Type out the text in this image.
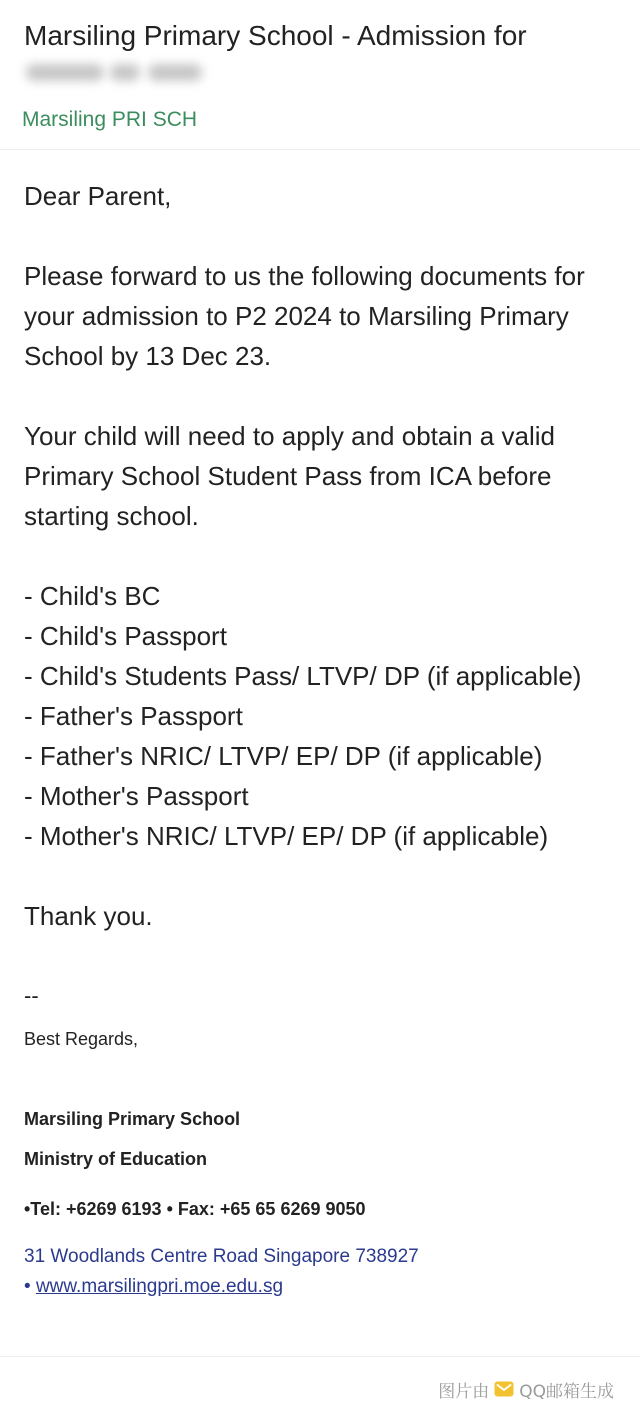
Marsiling Primary School - Admission for
Marsiling PRI SCH
Dear Parent,
Please forward to us the following documents for
your admission to P2 2024 to Marsiling Primary
School by 13 Dec 23.
Your child will need to apply and obtain a valid
Primary School Student Pass from ICA before
starting school.
- Child's BC
- Child's Passport
- Child's Students Pass/ LTVP/ DP (if applicable)
- Father's Passport
- Father's NRIC/ LTVP/ EP/ DP (if applicable)
- Mother's Passport
- Mother's NRIC/ LTVP/ EP/ DP (if applicable)
Thank you.
--
Best Regards,
Marsiling Primary School
Ministry of Education
•Tel: +6269 6193 • Fax: +65 65 6269 9050
31 Woodlands Centre Road Singapore 738927
• www.marsilingpri.moe.edu.sg
图片由 QQ邮箱生成
